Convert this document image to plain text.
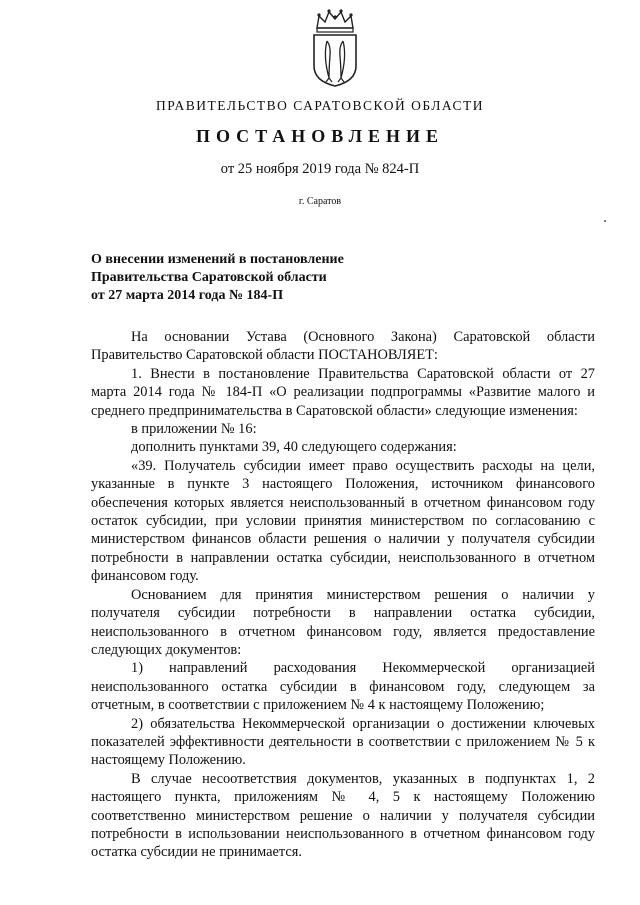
ПРАВИТЕЛЬСТВО САРАТОВСКОЙ ОБЛАСТИ
ПОСТАНОВЛЕНИЕ
от 25 ноября 2019 года № 824-П
г. Саратов
О внесении изменений в постановление
Правительства Саратовской области
от 27 марта 2014 года № 184-П

На основании Устава (Основного Закона) Саратовской области Правительство Саратовской области ПОСТАНОВЛЯЕТ:

1. Внести в постановление Правительства Саратовской области от 27 марта 2014 года № 184-П «О реализации подпрограммы «Развитие малого и среднего предпринимательства в Саратовской области» следующие изменения:

в приложении № 16:

дополнить пунктами 39, 40 следующего содержания:

«39. Получатель субсидии имеет право осуществить расходы на цели, указанные в пункте 3 настоящего Положения, источником финансового обеспечения которых является неиспользованный в отчетном финансовом году остаток субсидии, при условии принятия министерством по согласованию с министерством финансов области решения о наличии у получателя субсидии потребности в направлении остатка субсидии, неиспользованного в отчетном финансовом году.

Основанием для принятия министерством решения о наличии у получателя субсидии потребности в направлении остатка субсидии, неиспользованного в отчетном финансовом году, является предоставление следующих документов:

1) направлений расходования Некоммерческой организацией неиспользованного остатка субсидии в финансовом году, следующем за отчетным, в соответствии с приложением № 4 к настоящему Положению;

2) обязательства Некоммерческой организации о достижении ключевых показателей эффективности деятельности в соответствии с приложением № 5 к настоящему Положению.

В случае несоответствия документов, указанных в подпунктах 1, 2 настоящего пункта, приложениям № 4, 5 к настоящему Положению соответственно министерством решение о наличии у получателя субсидии потребности в использовании неиспользованного в отчетном финансовом году остатка субсидии не принимается.
